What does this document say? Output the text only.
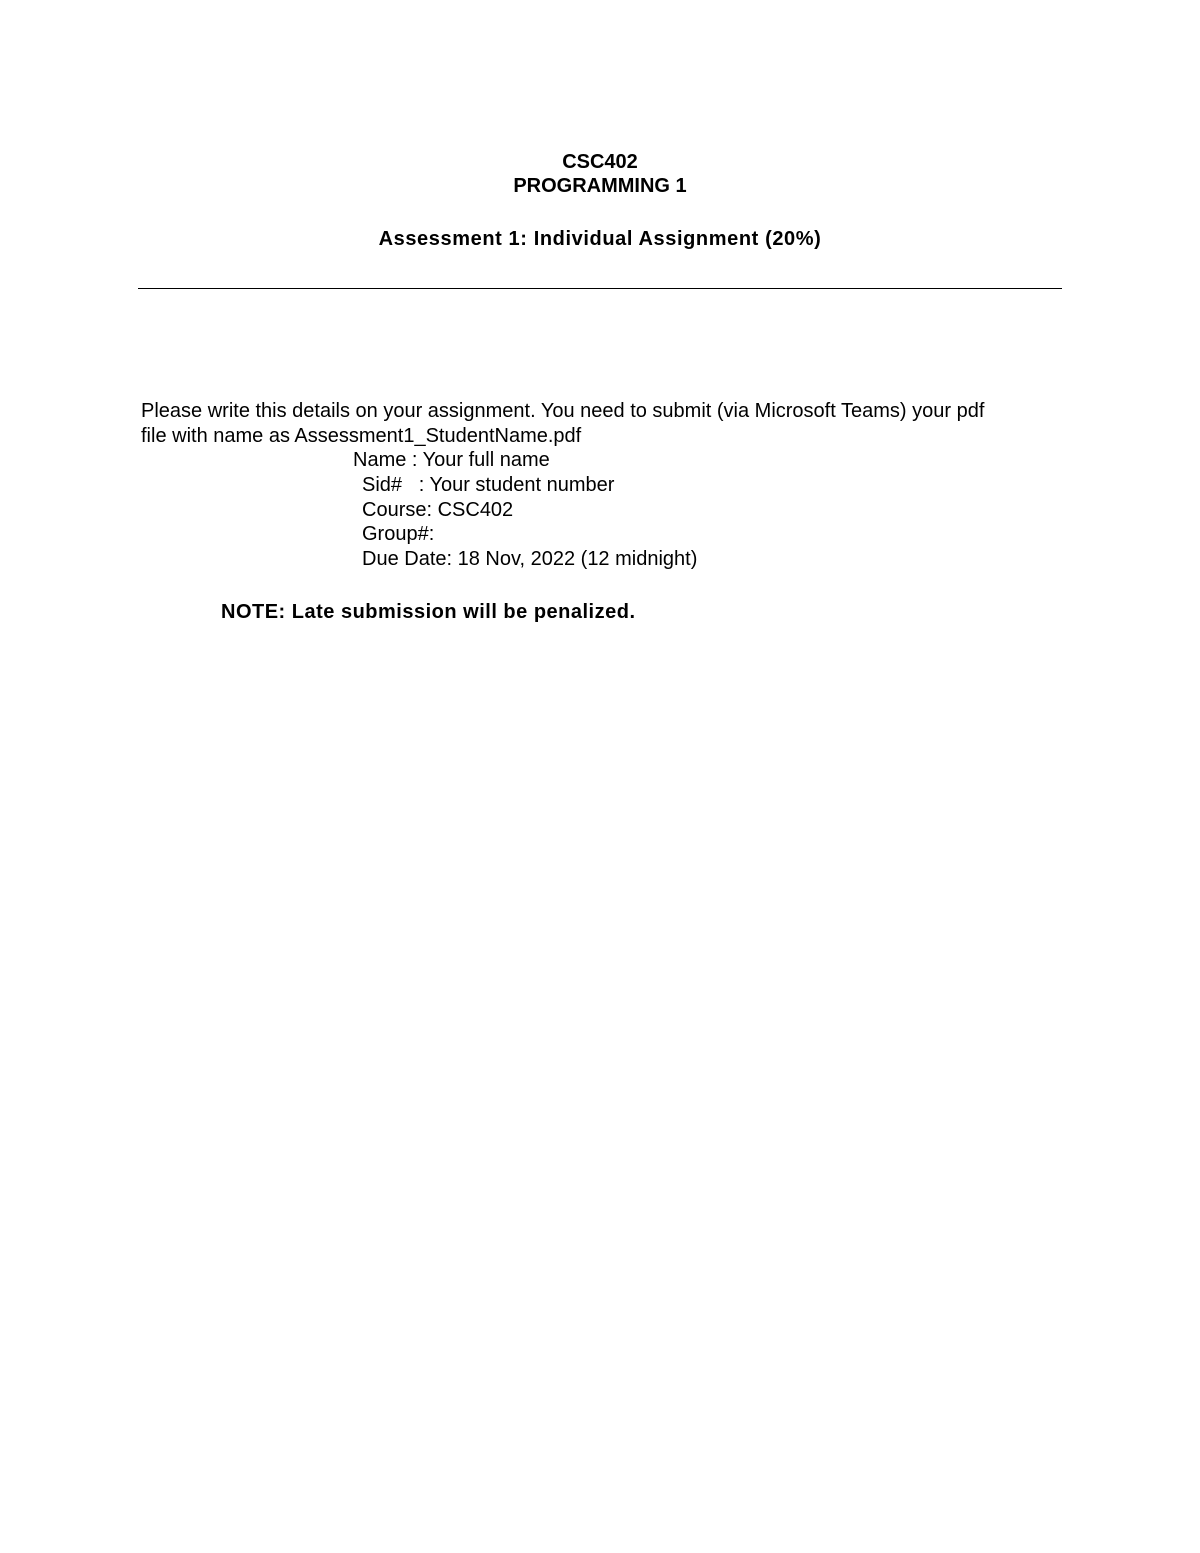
CSC402
PROGRAMMING 1
Assessment 1: Individual Assignment (20%)
Please write this details on your assignment. You need to submit (via Microsoft Teams) your pdf
file with name as Assessment1_StudentName.pdf
Name : Your full name
Sid#   : Your student number
Course: CSC402
Group#:
Due Date: 18 Nov, 2022 (12 midnight)
NOTE: Late submission will be penalized.
